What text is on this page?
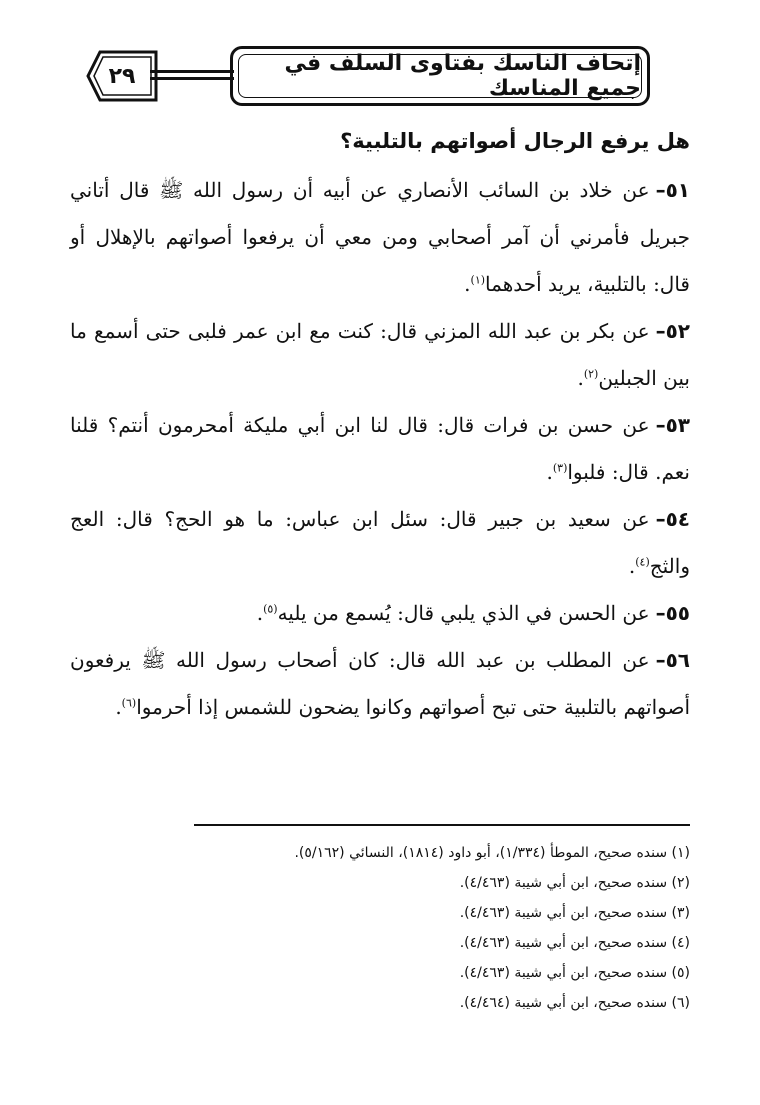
٢٩	إتحاف الناسك بفتاوى السلف في جميع المناسك
هل يرفع الرجال أصواتهم بالتلبية؟
٥١–عن خلاد بن السائب الأنصاري عن أبيه أن رسول الله ﷺ قال أتاني جبريل فأمرني أن آمر أصحابي ومن معي أن يرفعوا أصواتهم بالإهلال أو قال: بالتلبية، يريد أحدهما$^{(١)}$.
٥٢–عن بكر بن عبد الله المزني قال: كنت مع ابن عمر فلبى حتى أسمع ما بين الجبلين$^{(٢)}$.
٥٣–عن حسن بن فرات قال: قال لنا ابن أبي مليكة أمحرمون أنتم؟ قلنا نعم. قال: فلبوا$^{(٣)}$.
٥٤–عن سعيد بن جبير قال: سئل ابن عباس: ما هو الحج؟ قال: العج والثج$^{(٤)}$.
٥٥–عن الحسن في الذي يلبي قال: يُسمع من يليه$^{(٥)}$.
٥٦–عن المطلب بن عبد الله قال: كان أصحاب رسول الله ﷺ يرفعون أصواتهم بالتلبية حتى تبح أصواتهم وكانوا يضحون للشمس إذا أحرموا$^{(٦)}$.
(١) سنده صحيح، الموطأ (١/٣٣٤)، أبو داود (١٨١٤)، النسائي (٥/١٦٢).
(٢) سنده صحيح، ابن أبي شيبة (٤/٤٦٣).
(٣) سنده صحيح، ابن أبي شيبة (٤/٤٦٣).
(٤) سنده صحيح، ابن أبي شيبة (٤/٤٦٣).
(٥) سنده صحيح، ابن أبي شيبة (٤/٤٦٣).
(٦) سنده صحيح، ابن أبي شيبة (٤/٤٦٤).
